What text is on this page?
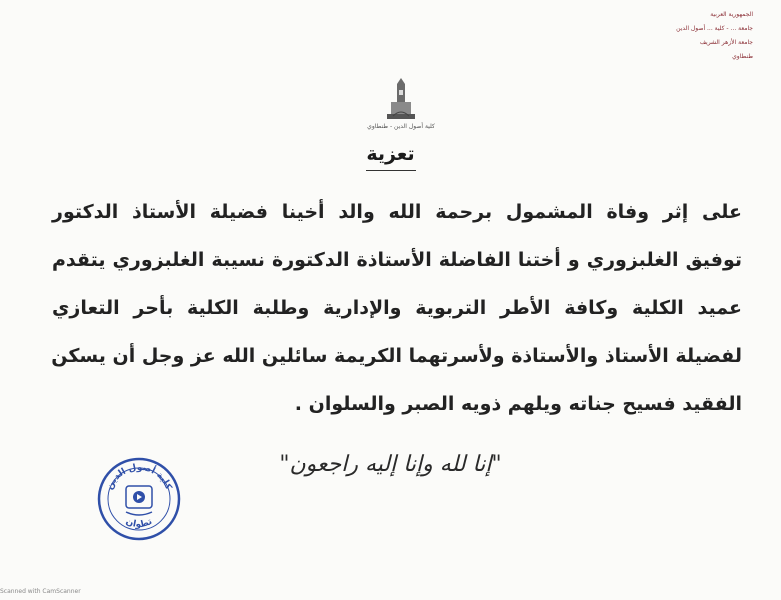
الجمهورية العربية
جامعة ... - كلية ... أصول الدين
جامعة الأزهر الشريف
طنطاوي
كلية أصول الدين - طنطاوي
تعزية
على إثر وفاة المشمول برحمة الله والد أخينا فضيلة الأستاذ الدكتور
توفيق الغلبزوري و أختنا الفاضلة الأستاذة الدكتورة نسيبة الغلبزوري يتقدم
عميد الكلية وكافة الأطر التربوية والإدارية وطلبة الكلية بأحر التعازي
لفضيلة الأستاذ والأستاذة ولأسرتهما الكريمة سائلين الله عز وجل أن يسكن
الفقيد فسيح جناته ويلهم ذويه الصبر والسلوان .
"إنا لله وإنا إليه راجعون"
كلية أصول الدين
تطوان
Scanned with CamScanner
